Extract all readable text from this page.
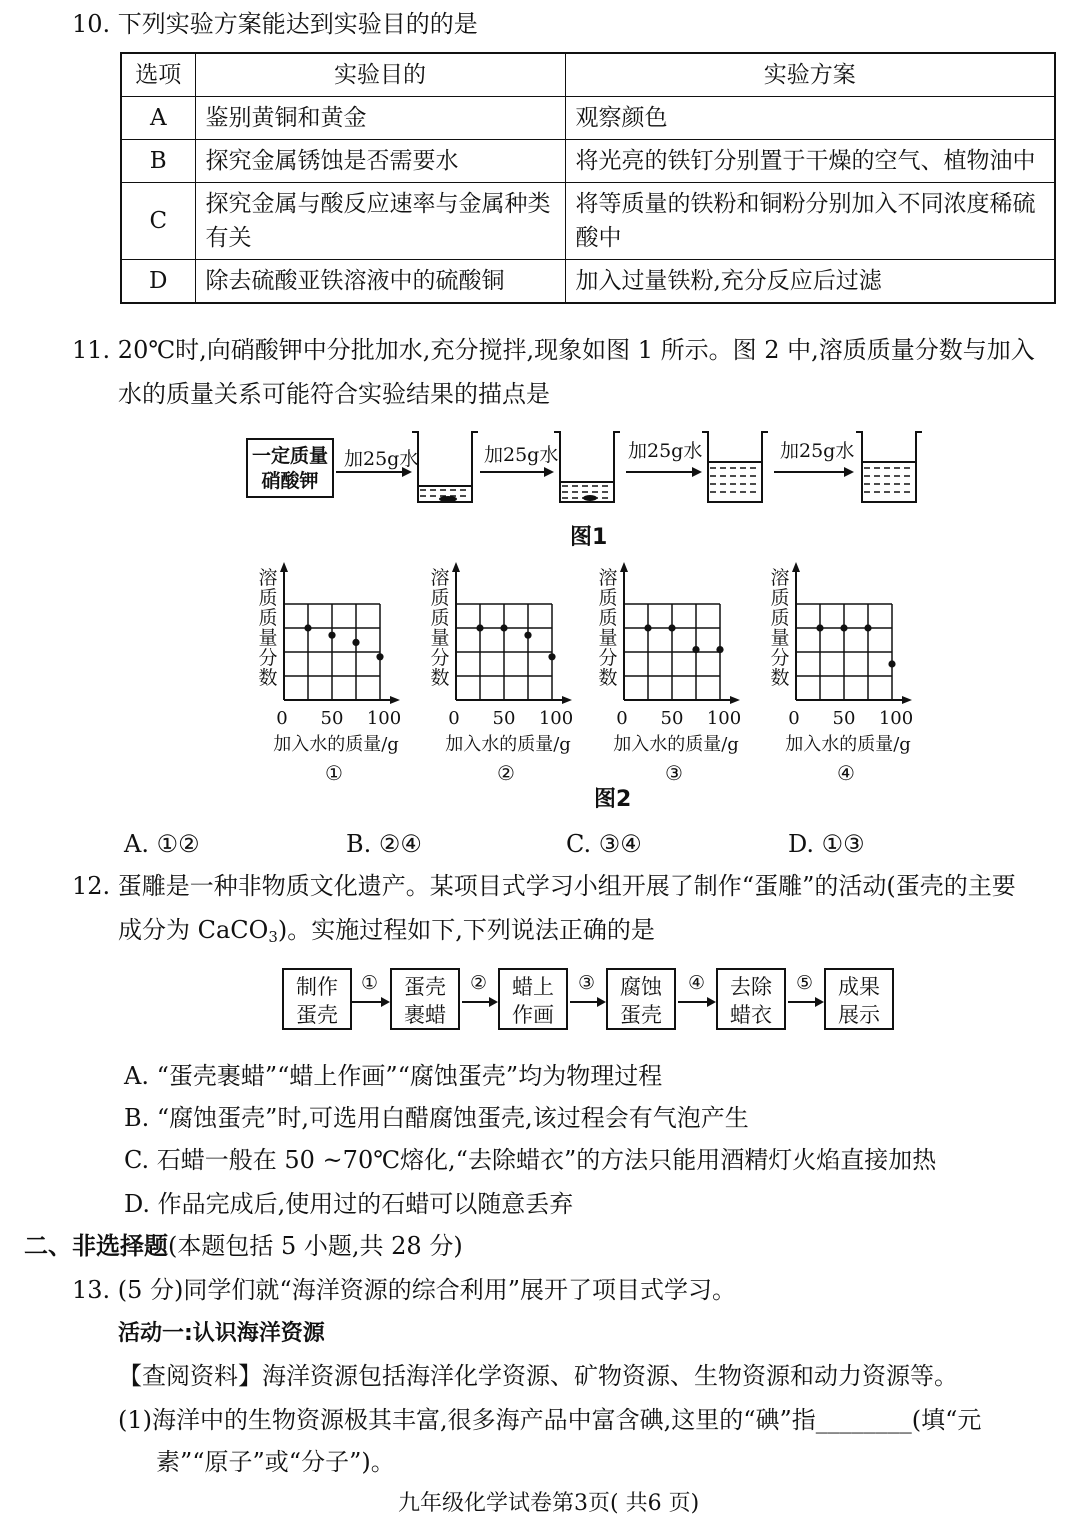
10. 下列实验方案能达到实验目的的是
选项	实验目的	实验方案
A	鉴别黄铜和黄金	观察颜色
B	探究金属锈蚀是否需要水	将光亮的铁钉分别置于干燥的空气、植物油中
C	探究金属与酸反应速率与金属种类有关	将等质量的铁粉和铜粉分别加入不同浓度稀硫酸中
D	除去硫酸亚铁溶液中的硫酸铜	加入过量铁粉,充分反应后过滤
11. 20℃时,向硝酸钾中分批加水,充分搅拌,现象如图 1 所示。图 2 中,溶质质量分数与加入
水的质量关系可能符合实验结果的描点是
一定质量
硝酸钾
加25g水	加25g水	加25g水	加25g水
图1
溶
质
质
量
分
数
0 50 100
加入水的质量/g
①
溶
质
质
量
分
数
0 50 100
加入水的质量/g
②
溶
质
质
量
分
数
0 50 100
加入水的质量/g
③
溶
质
质
量
分
数
0 50 100
加入水的质量/g
④
图2
A. ①②	B. ②④	C. ③④	D. ①③
12. 蛋雕是一种非物质文化遗产。某项目式学习小组开展了制作“蛋雕”的活动(蛋壳的主要
成分为 CaCO$_3$)。实施过程如下,下列说法正确的是
制作
蛋壳
蛋壳
裹蜡
蜡上
作画
腐蚀
蛋壳
去除
蜡衣
成果
展示
①	②	③	④	⑤
A. “蛋壳裹蜡”“蜡上作画”“腐蚀蛋壳”均为物理过程
B. “腐蚀蛋壳”时,可选用白醋腐蚀蛋壳,该过程会有气泡产生
C. 石蜡一般在 50 ~70℃熔化,“去除蜡衣”的方法只能用酒精灯火焰直接加热
D. 作品完成后,使用过的石蜡可以随意丢弃
二、非选择题(本题包括 5 小题,共 28 分)
13. (5 分)同学们就“海洋资源的综合利用”展开了项目式学习。
活动一:认识海洋资源
【查阅资料】海洋资源包括海洋化学资源、矿物资源、生物资源和动力资源等。
(1)海洋中的生物资源极其丰富,很多海产品中富含碘,这里的“碘”指________(填“元
素”“原子”或“分子”)。
九年级化学试卷第3页( 共6 页)
